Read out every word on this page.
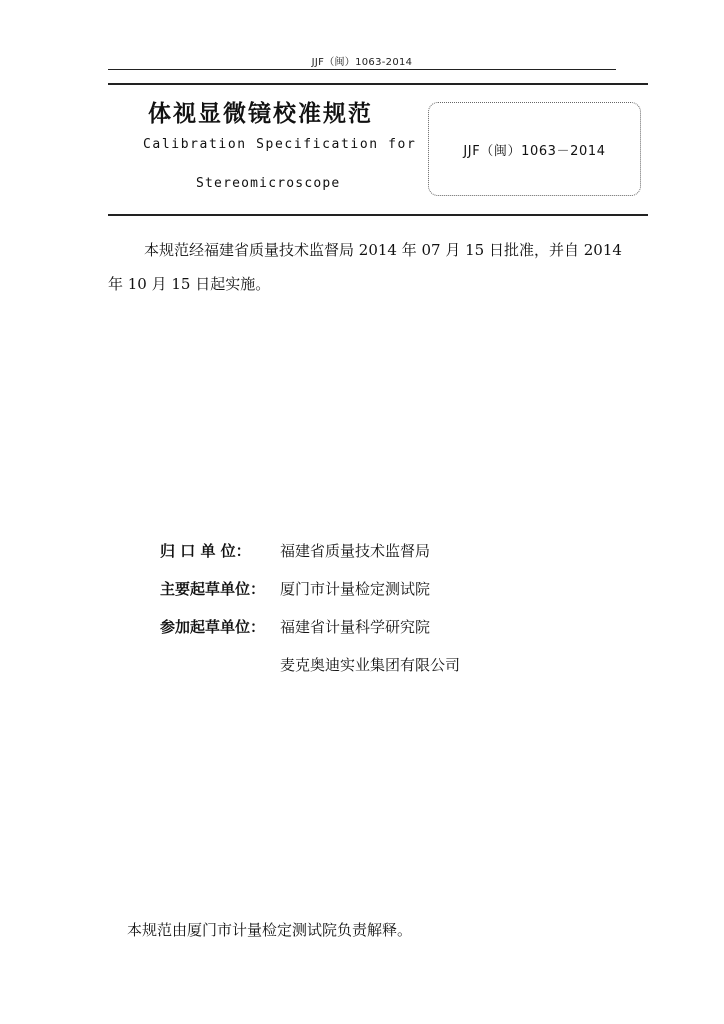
JJF（闽）1063-2014
体视显微镜校准规范
Calibration Specification for
Stereomicroscope
JJF（闽）1063－2014
本规范经福建省质量技术监督局 2014 年 07 月 15 日批准，并自 2014 年 10 月 15 日起实施。
归 口 单 位：	福建省质量技术监督局
主要起草单位： 厦门市计量检定测试院
参加起草单位： 福建省计量科学研究院
麦克奥迪实业集团有限公司
本规范由厦门市计量检定测试院负责解释。
